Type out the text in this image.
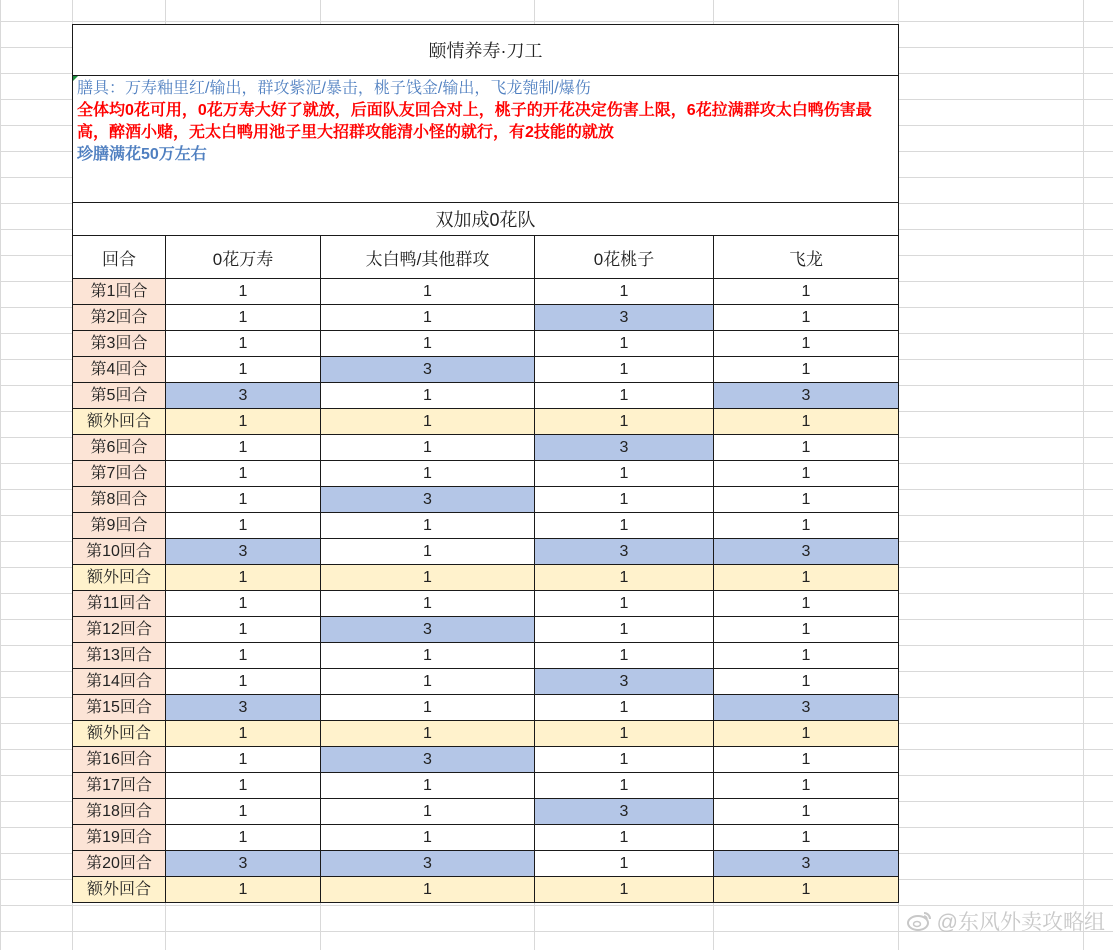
颐情养寿·刀工				

膳具：万寿釉里红/输出，群攻紫泥/暴击，桃子饯金/输出，飞龙匏制/爆伤
全体均0花可用，0花万寿大好了就放，后面队友回合对上，桃子的开花决定伤害上限，6花拉满群攻太白鸭伤害最高，醉酒小赌，无太白鸭用池子里大招群攻能清小怪的就行，有2技能的就放
珍膳满花50万左右				

双加成0花队				
回合	0花万寿	太白鸭/其他群攻	0花桃子	飞龙
第1回合	1	1	1	1
第2回合	1	1	3	1
第3回合	1	1	1	1
第4回合	1	3	1	1
第5回合	3	1	1	3
额外回合	1	1	1	1
第6回合	1	1	3	1
第7回合	1	1	1	1
第8回合	1	3	1	1
第9回合	1	1	1	1
第10回合	3	1	3	3
额外回合	1	1	1	1
第11回合	1	1	1	1
第12回合	1	3	1	1
第13回合	1	1	1	1
第14回合	1	1	3	1
第15回合	3	1	1	3
额外回合	1	1	1	1
第16回合	1	3	1	1
第17回合	1	1	1	1
第18回合	1	1	3	1
第19回合	1	1	1	1
第20回合	3	3	1	3
额外回合	1	1	1	1
@东风外卖攻略组
